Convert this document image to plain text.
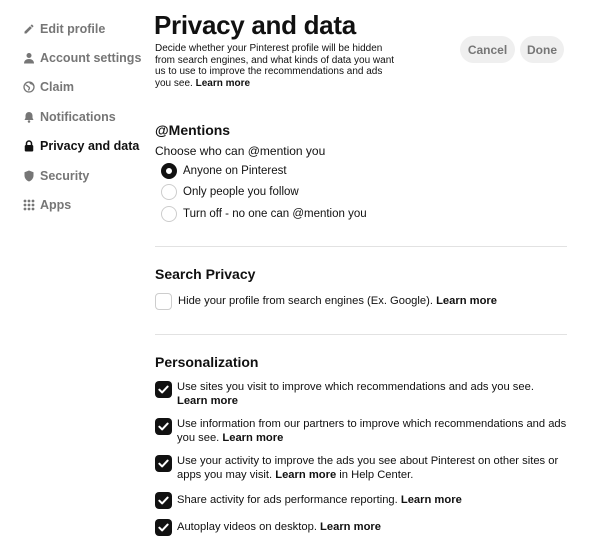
Edit profile
Account settings
Claim
Notifications
Privacy and data
Security
Apps
Privacy and data

Decide whether your Pinterest profile will be hidden from search engines, and what kinds of data you want us to use to improve the recommendations and ads you see. Learn more

Cancel	Done
@Mentions
Choose who can @mention you
Anyone on Pinterest
Only people you follow
Turn off - no one can @mention you
Search Privacy
Hide your profile from search engines (Ex. Google). Learn more
Personalization
Use sites you visit to improve which recommendations and ads you see.
Learn more
Use information from our partners to improve which recommendations and ads you see. Learn more
Use your activity to improve the ads you see about Pinterest on other sites or apps you may visit. Learn more in Help Center.
Share activity for ads performance reporting. Learn more
Autoplay videos on desktop. Learn more
